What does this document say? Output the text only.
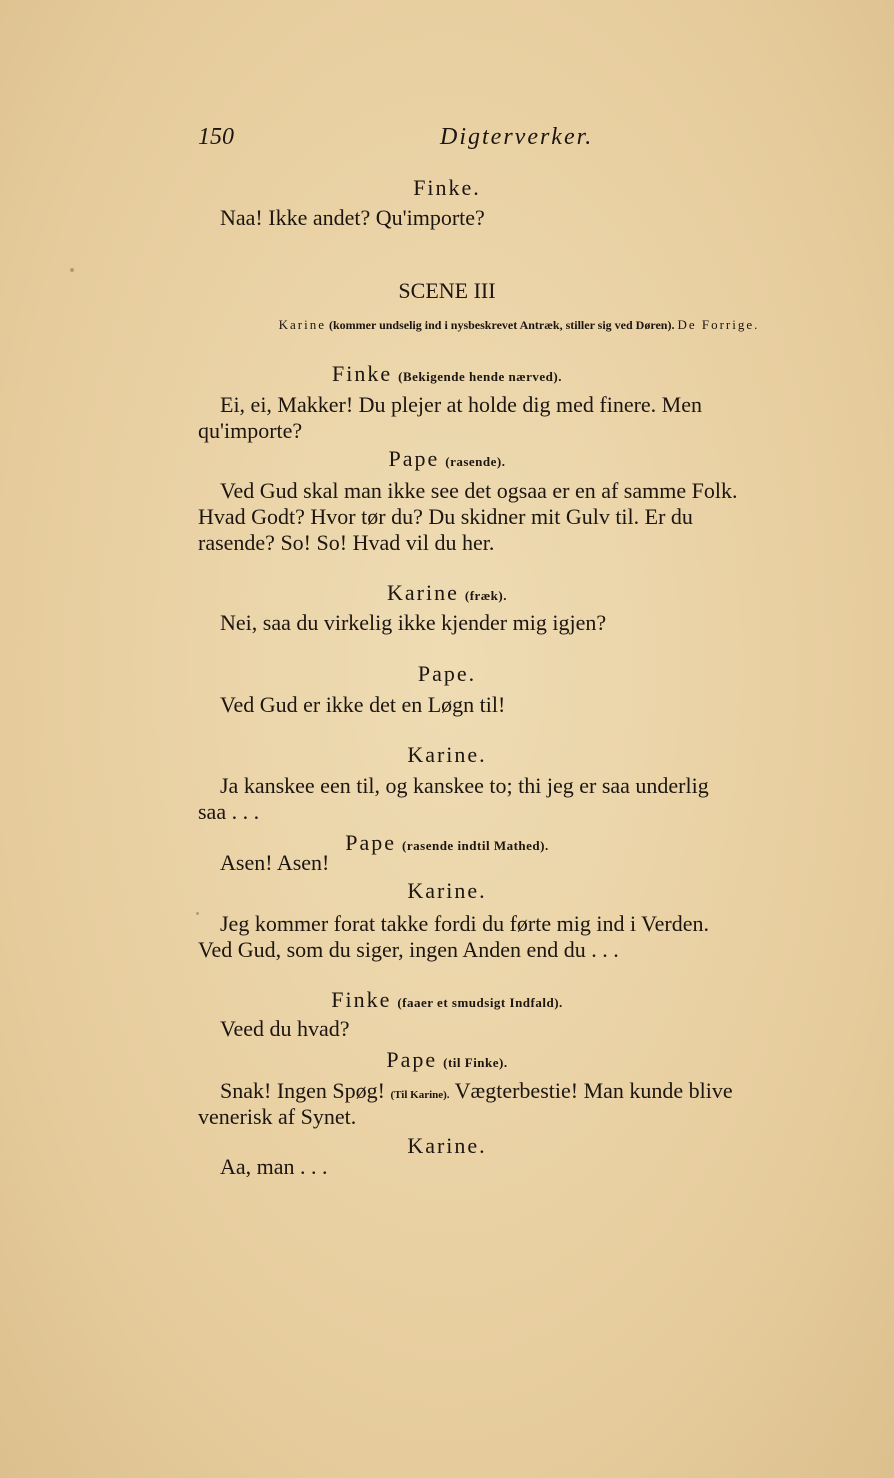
150	Digterverker.
Finke.
Naa! Ikke andet? Qu'importe?
SCENE III
Karine (kommer undselig ind i nysbeskrevet Antræk, stiller sig ved Døren). De Forrige.
Finke (Bekigende hende nærved).
Ei, ei, Makker! Du plejer at holde dig med finere. Men
qu'importe?
Pape (rasende).
Ved Gud skal man ikke see det ogsaa er en af samme Folk.
Hvad Godt? Hvor tør du? Du skidner mit Gulv til. Er du
rasende? So! So! Hvad vil du her.
Karine (fræk).
Nei, saa du virkelig ikke kjender mig igjen?
Pape.
Ved Gud er ikke det en Løgn til!
Karine.
Ja kanskee een til, og kanskee to; thi jeg er saa underlig
saa . . .
Pape (rasende indtil Mathed).
Asen! Asen!
Karine.
Jeg kommer forat takke fordi du førte mig ind i Verden.
Ved Gud, som du siger, ingen Anden end du . . .
Finke (faaer et smudsigt Indfald).
Veed du hvad?
Pape (til Finke).
Snak! Ingen Spøg! (Til Karine). Vægterbestie! Man kunde blive
venerisk af Synet.
Karine.
Aa, man . . .
